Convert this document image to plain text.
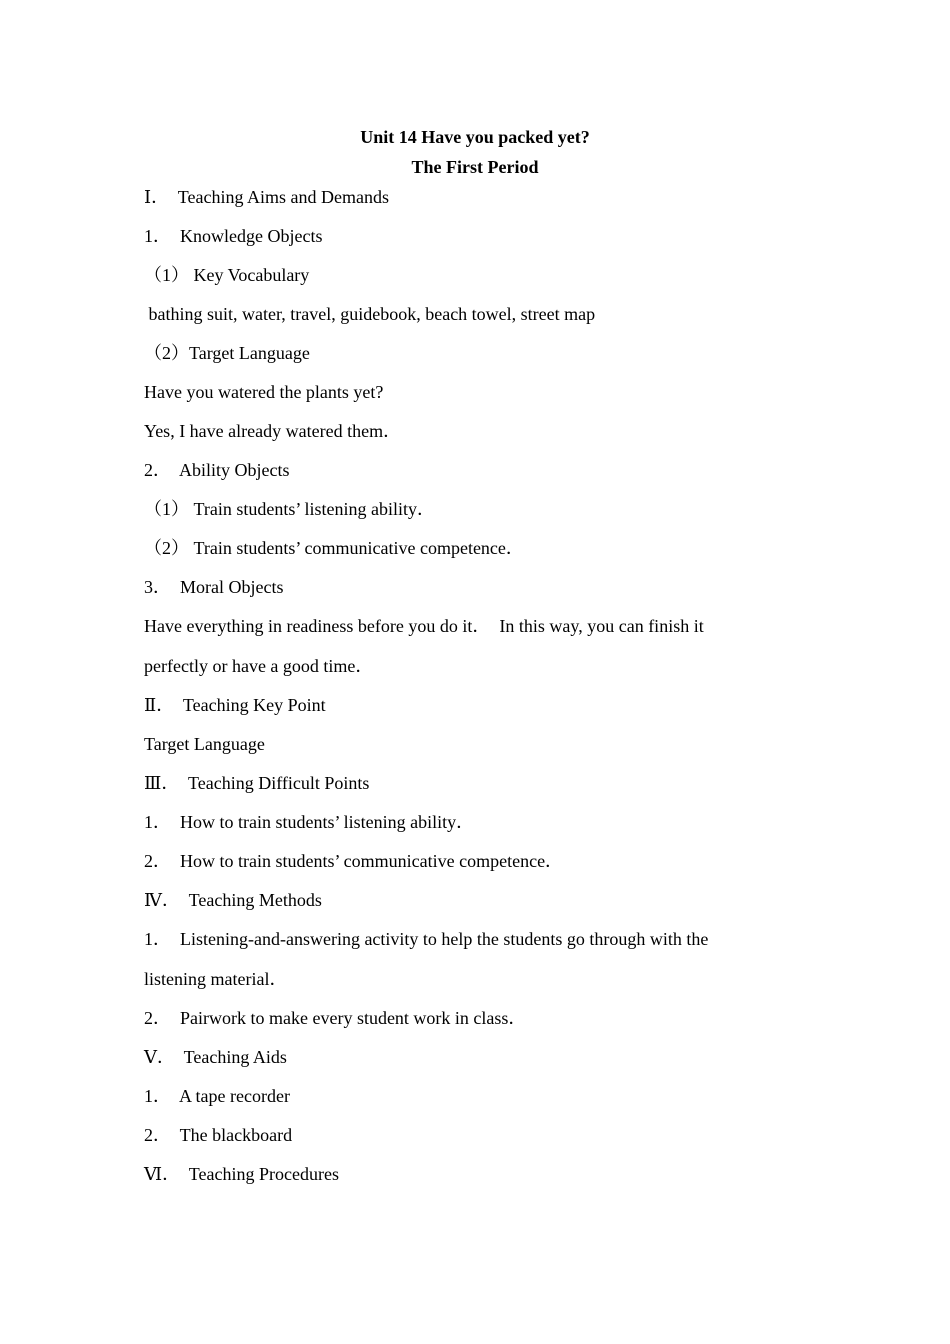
Unit 14 Have you packed yet?
The First Period
Ⅰ．  Teaching Aims and Demands
1．  Knowledge Objects
（1） Key Vocabulary
bathing suit, water, travel, guidebook, beach towel, street map
（2）Target Language
Have you watered the plants yet?
Yes, I have already watered them．
2．  Ability Objects
（1） Train students’ listening ability．
（2） Train students’ communicative competence．
3．  Moral Objects
Have everything in readiness before you do it．  In this way, you can finish it
perfectly or have a good time．
Ⅱ．  Teaching Key Point
Target Language
Ⅲ．  Teaching Difficult Points
1．  How to train students’ listening ability．
2．  How to train students’ communicative competence．
Ⅳ．  Teaching Methods
1．  Listening-and-answering activity to help the students go through with the
listening material．
2．  Pairwork to make every student work in class．
Ⅴ．  Teaching Aids
1．  A tape recorder
2．  The blackboard
Ⅵ．  Teaching Procedures
